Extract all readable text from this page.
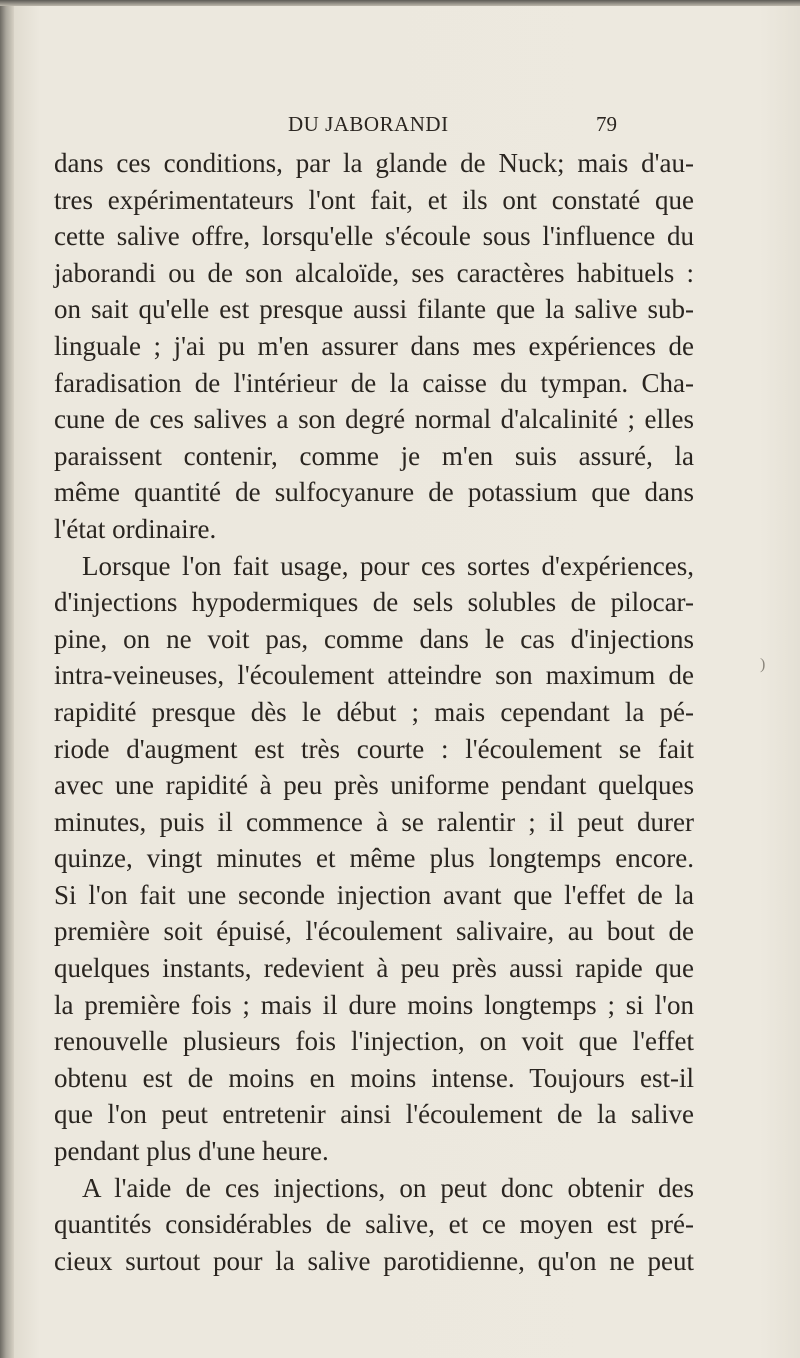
DU JABORANDI	79
dans ces conditions, par la glande de Nuck; mais d'au-
tres expérimentateurs l'ont fait, et ils ont constaté que
cette salive offre, lorsqu'elle s'écoule sous l'influence du
jaborandi ou de son alcaloïde, ses caractères habituels :
on sait qu'elle est presque aussi filante que la salive sub-
linguale ; j'ai pu m'en assurer dans mes expériences de
faradisation de l'intérieur de la caisse du tympan. Cha-
cune de ces salives a son degré normal d'alcalinité ; elles
paraissent contenir, comme je m'en suis assuré, la
même quantité de sulfocyanure de potassium que dans
l'état ordinaire.
Lorsque l'on fait usage, pour ces sortes d'expériences,
d'injections hypodermiques de sels solubles de pilocar-
pine, on ne voit pas, comme dans le cas d'injections
intra-veineuses, l'écoulement atteindre son maximum de
rapidité presque dès le début ; mais cependant la pé-
riode d'augment est très courte : l'écoulement se fait
avec une rapidité à peu près uniforme pendant quelques
minutes, puis il commence à se ralentir ; il peut durer
quinze, vingt minutes et même plus longtemps encore.
Si l'on fait une seconde injection avant que l'effet de la
première soit épuisé, l'écoulement salivaire, au bout de
quelques instants, redevient à peu près aussi rapide que
la première fois ; mais il dure moins longtemps ; si l'on
renouvelle plusieurs fois l'injection, on voit que l'effet
obtenu est de moins en moins intense. Toujours est-il
que l'on peut entretenir ainsi l'écoulement de la salive
pendant plus d'une heure.
A l'aide de ces injections, on peut donc obtenir des
quantités considérables de salive, et ce moyen est pré-
cieux surtout pour la salive parotidienne, qu'on ne peut
)
